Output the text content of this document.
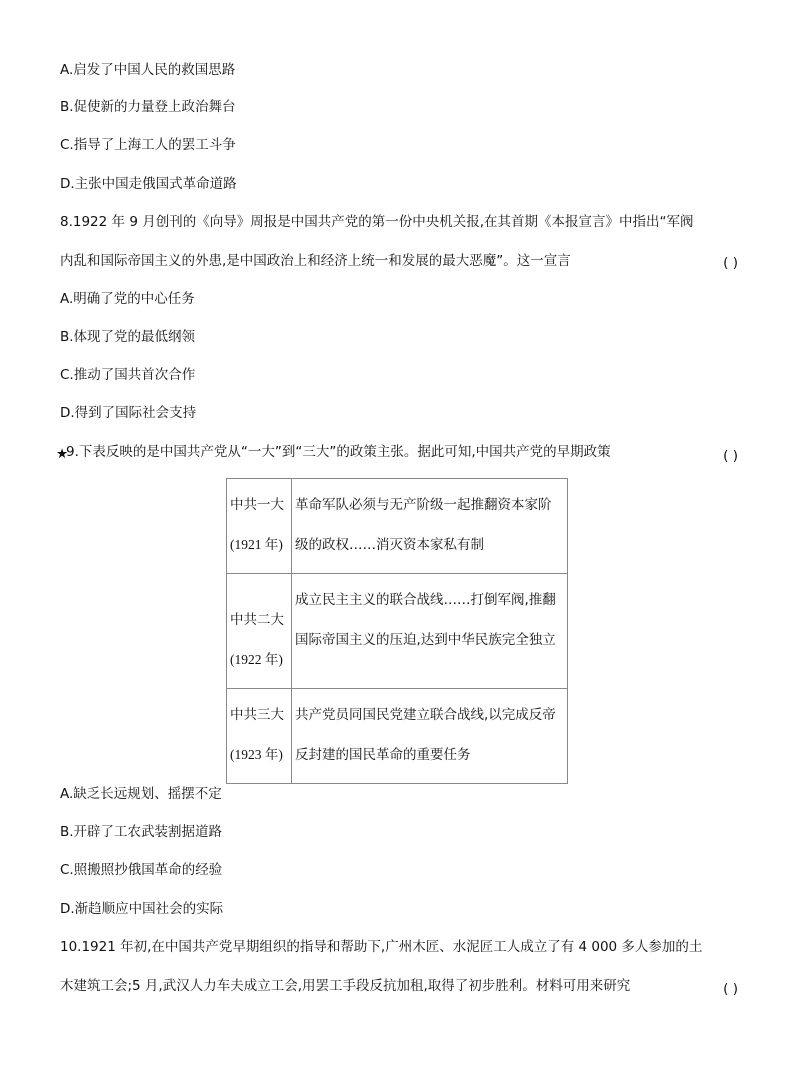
A.启发了中国人民的救国思路
B.促使新的力量登上政治舞台
C.指导了上海工人的罢工斗争
D.主张中国走俄国式革命道路
8.1922 年 9 月创刊的《向导》周报是中国共产党的第一份中央机关报,在其首期《本报宣言》中指出“军阀
内乱和国际帝国主义的外患,是中国政治上和经济上统一和发展的最大恶魔”。这一宣言	( )
A.明确了党的中心任务
B.体现了党的最低纲领
C.推动了国共首次合作
D.得到了国际社会支持
★
9.下表反映的是中国共产党从“一大”到“三大”的政策主张。据此可知,中国共产党的早期政策	( )
中共一大
(1921 年)	革命军队必须与无产阶级一起推翻资本家阶级的政权……消灭资本家私有制
中共二大
(1922 年)	成立民主主义的联合战线……打倒军阀,推翻国际帝国主义的压迫,达到中华民族完全独立
中共三大
(1923 年)	共产党员同国民党建立联合战线,以完成反帝反封建的国民革命的重要任务
A.缺乏长远规划、摇摆不定
B.开辟了工农武装割据道路
C.照搬照抄俄国革命的经验
D.渐趋顺应中国社会的实际
10.1921 年初,在中国共产党早期组织的指导和帮助下,广州木匠、水泥匠工人成立了有 4 000 多人参加的土
木建筑工会;5 月,武汉人力车夫成立工会,用罢工手段反抗加租,取得了初步胜利。材料可用来研究	( )
